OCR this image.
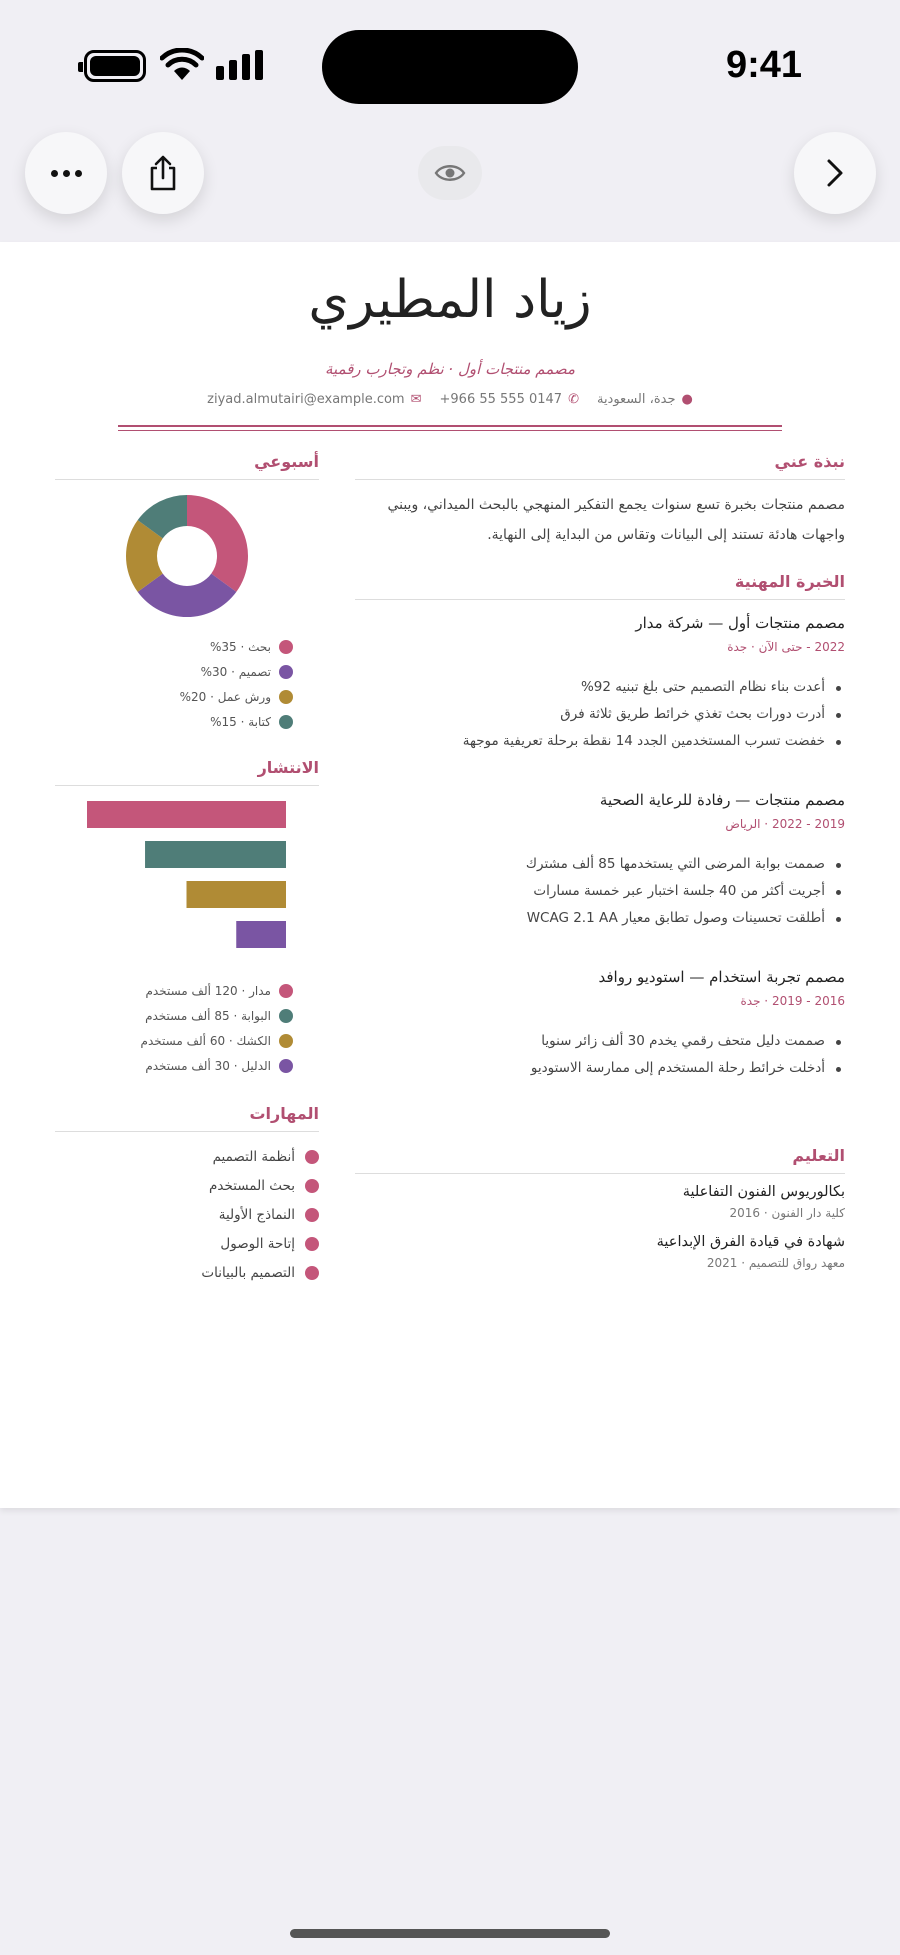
9:41
زياد المطيري
مصمم منتجات أول · نظم وتجارب رقمية
●
جدة، السعودية
✆
+966 55 555 0147
✉
ziyad.almutairi@example.com
نبذة عني

مصمم منتجات بخبرة تسع سنوات يجمع التفكير المنهجي بالبحث الميداني، ويبني واجهات هادئة تستند إلى البيانات وتقاس من البداية إلى النهاية.

الخبرة المهنية
مصمم منتجات أول — شركة مدار
2022 - حتى الآن · جدة
أعدت بناء نظام التصميم حتى بلغ تبنيه 92%
أدرت دورات بحث تغذي خرائط طريق ثلاثة فرق
خفضت تسرب المستخدمين الجدد 14 نقطة برحلة تعريفية موجهة
مصمم منتجات — رفادة للرعاية الصحية
2019 - 2022 · الرياض
صممت بوابة المرضى التي يستخدمها 85 ألف مشترك
أجريت أكثر من 40 جلسة اختبار عبر خمسة مسارات
أطلقت تحسينات وصول تطابق معيار WCAG 2.1 AA
مصمم تجربة استخدام — استوديو روافد
2016 - 2019 · جدة
صممت دليل متحف رقمي يخدم 30 ألف زائر سنويا
أدخلت خرائط رحلة المستخدم إلى ممارسة الاستوديو
التعليم
بكالوريوس الفنون التفاعلية
كلية دار الفنون · 2016
شهادة في قيادة الفرق الإبداعية
معهد رواق للتصميم · 2021
أسبوعي
بحث · 35%
تصميم · 30%
ورش عمل · 20%
كتابة · 15%
الانتشار
مدار · 120 ألف مستخدم
البوابة · 85 ألف مستخدم
الكشك · 60 ألف مستخدم
الدليل · 30 ألف مستخدم
المهارات
أنظمة التصميم
بحث المستخدم
النماذج الأولية
إتاحة الوصول
التصميم بالبيانات
